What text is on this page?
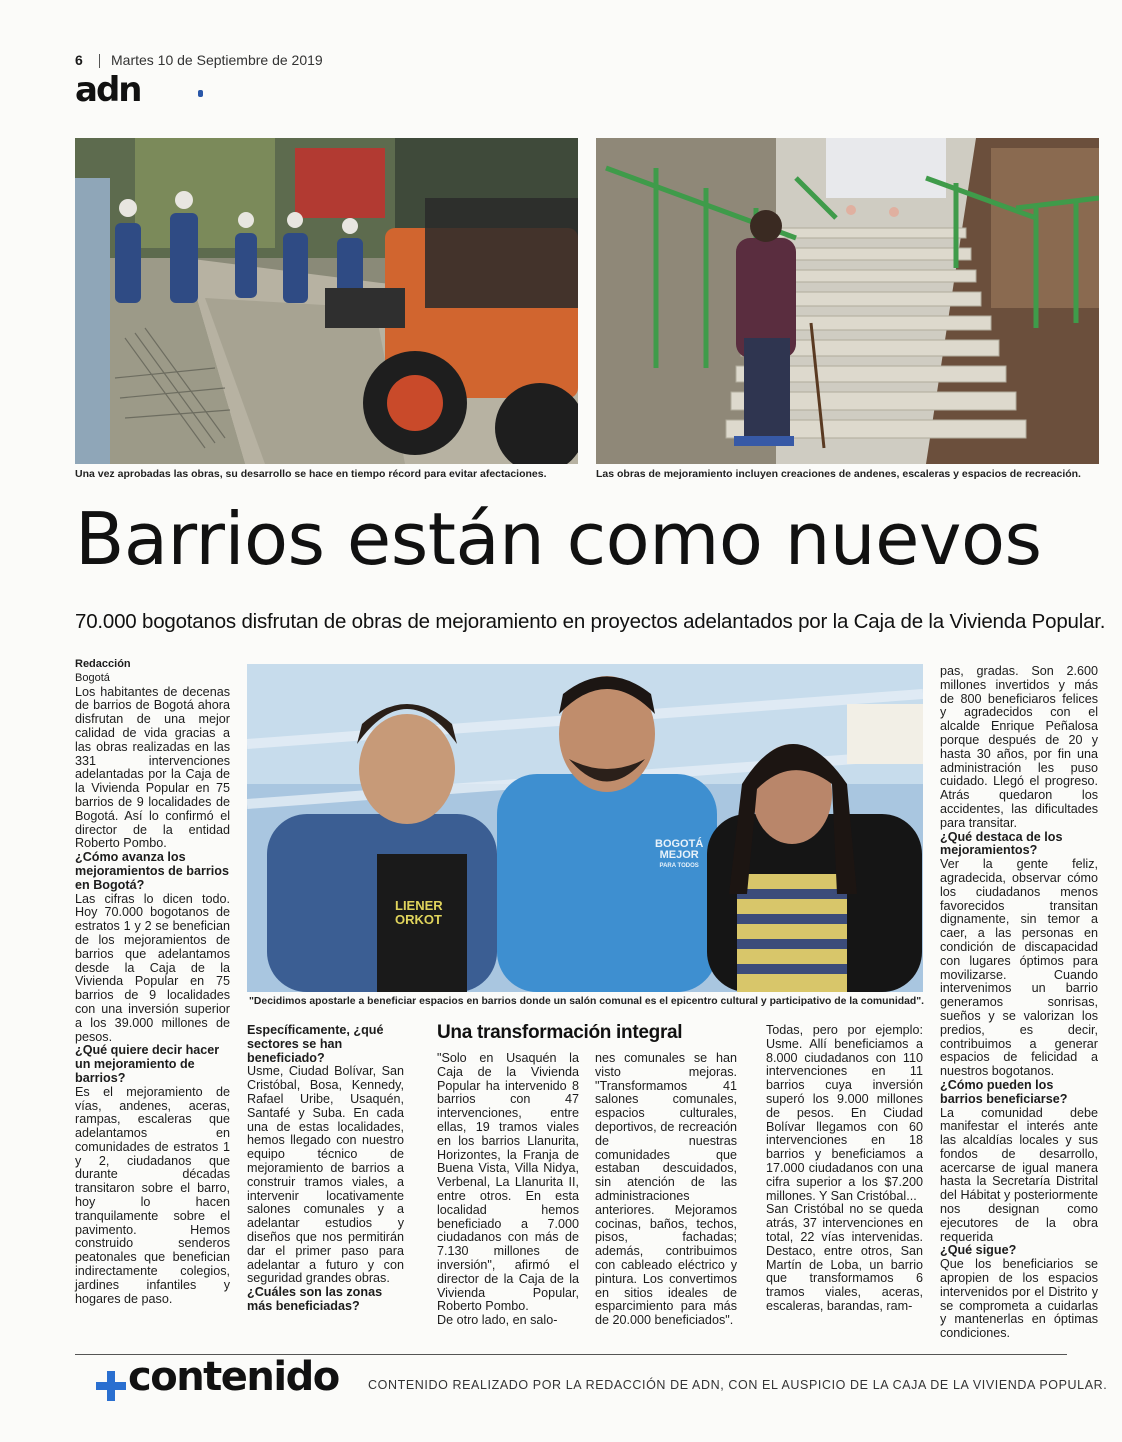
6 Martes 10 de Septiembre de 2019
adn
Una vez aprobadas las obras, su desarrollo se hace en tiempo récord para evitar afectaciones.	Las obras de mejoramiento incluyen creaciones de andenes, escaleras y espacios de recreación.
Barrios están como nuevos
70.000 bogotanos disfrutan de obras de mejoramiento en proyectos adelantados por la Caja de la Vivienda Popular.

Redacción

Bogotá

Los habitantes de decenas de barrios de Bogotá ahora disfrutan de una mejor calidad de vida gracias a las obras realizadas en las 331 intervenciones adelantadas por la Caja de la Vivienda Popular en 75 barrios de 9 localidades de Bogotá. Así lo confirmó el director de la entidad Roberto Pombo.

¿Cómo avanza los mejoramientos de barrios en Bogotá?

Las cifras lo dicen todo. Hoy 70.000 bogotanos de estratos 1 y 2 se benefician de los mejoramientos de barrios que adelantamos desde la Caja de la Vivienda Popular en 75 barrios de 9 localidades con una inversión superior a los 39.000 millones de pesos.

¿Qué quiere decir hacer un mejoramiento de barrios?

Es el mejoramiento de vías, andenes, aceras, rampas, escaleras que adelantamos en comunidades de estratos 1 y 2, ciudadanos que durante décadas transitaron sobre el barro, hoy lo hacen tranquilamente sobre el pavimento. Hemos construido senderos peatonales que benefician indirectamente colegios, jardines infantiles y hogares de paso.

BOGOTÁ
MEJOR
PARA TODOS
LIENER
ORKOT
"Decidimos apostarle a beneficiar espacios en barrios donde un salón comunal es el epicentro cultural y participativo de la comunidad".

Específicamente, ¿qué sectores se han beneficiado?

Usme, Ciudad Bolívar, San Cristóbal, Bosa, Kennedy, Rafael Uribe, Usaquén, Santafé y Suba. En cada una de estas localidades, hemos llegado con nuestro equipo técnico de mejoramiento de barrios a construir tramos viales, a intervenir locativamente salones comunales y a adelantar estudios y diseños que nos permitirán dar el primer paso para adelantar a futuro y con seguridad grandes obras.

¿Cuáles son las zonas más beneficiadas?

Una transformación integral

"Solo en Usaquén la Caja de la Vivienda Popular ha intervenido 8 barrios con 47 intervenciones, entre ellas, 19 tramos viales en los barrios Llanurita, Horizontes, la Franja de Buena Vista, Villa Nidya, Verbenal, La Llanurita II, entre otros. En esta localidad hemos beneficiado a 7.000 ciudadanos con más de 7.130 millones de inversión", afirmó el director de la Caja de la Vivienda Popular, Roberto Pombo.

De otro lado, en salo-

nes comunales se han visto mejoras. "Transformamos 41 salones comunales, espacios culturales, deportivos, de recreación de nuestras comunidades que estaban descuidados, sin atención de las administraciones anteriores. Mejoramos cocinas, baños, techos, pisos, fachadas; además, contribuimos con cableado eléctrico y pintura. Los convertimos en sitios ideales de esparcimiento para más de 20.000 beneficiados".

Todas, pero por ejemplo: Usme. Allí beneficiamos a 8.000 ciudadanos con 110 intervenciones en 11 barrios cuya inversión superó los 9.000 millones de pesos. En Ciudad Bolívar llegamos con 60 intervenciones en 18 barrios y beneficiamos a 17.000 ciudadanos con una cifra superior a los $7.200 millones. Y San Cristóbal...

San Cristóbal no se queda atrás, 37 intervenciones en total, 22 vías intervenidas. Destaco, entre otros, San Martín de Loba, un barrio que transformamos 6 tramos viales, aceras, escaleras, barandas, ram-

pas, gradas. Son 2.600 millones invertidos y más de 800 beneficiaros felices y agradecidos con el alcalde Enrique Peñalosa porque después de 20 y hasta 30 años, por fin una administración les puso cuidado. Llegó el progreso. Atrás quedaron los accidentes, las dificultades para transitar.

¿Qué destaca de los mejoramientos?

Ver la gente feliz, agradecida, observar cómo los ciudadanos menos favorecidos transitan dignamente, sin temor a caer, a las personas en condición de discapacidad con lugares óptimos para movilizarse. Cuando intervenimos un barrio generamos sonrisas, sueños y se valorizan los predios, es decir, contribuimos a generar espacios de felicidad a nuestros bogotanos.

¿Cómo pueden los barrios beneficiarse?

La comunidad debe manifestar el interés ante las alcaldías locales y sus fondos de desarrollo, acercarse de igual manera hasta la Secretaría Distrital del Hábitat y posteriormente nos designan como ejecutores de la obra requerida

¿Qué sigue?

Que los beneficiarios se apropien de los espacios intervenidos por el Distrito y se comprometa a cuidarlas y mantenerlas en óptimas condiciones.

contenido CONTENIDO REALIZADO POR LA REDACCIÓN DE ADN, CON EL AUSPICIO DE LA CAJA DE LA VIVIENDA POPULAR.
